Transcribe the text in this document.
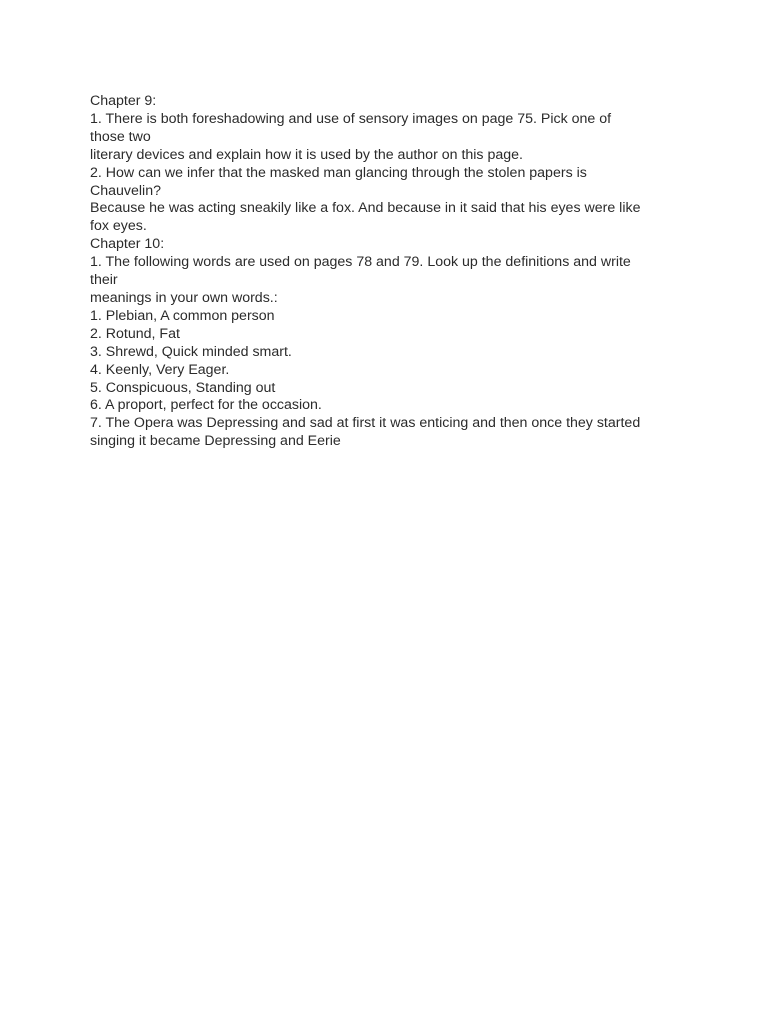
Chapter 9:
1. There is both foreshadowing and use of sensory images on page 75. Pick one of
those two
literary devices and explain how it is used by the author on this page.
2. How can we infer that the masked man glancing through the stolen papers is
Chauvelin?
Because he was acting sneakily like a fox. And because in it said that his eyes were like
fox eyes.
Chapter 10:
1. The following words are used on pages 78 and 79. Look up the definitions and write
their
meanings in your own words.:
1. Plebian, A common person
2. Rotund, Fat
3. Shrewd, Quick minded smart.
4. Keenly, Very Eager.
5. Conspicuous, Standing out
6. A proport, perfect for the occasion.
7. The Opera was Depressing and sad at first it was enticing and then once they started
singing it became Depressing and Eerie
